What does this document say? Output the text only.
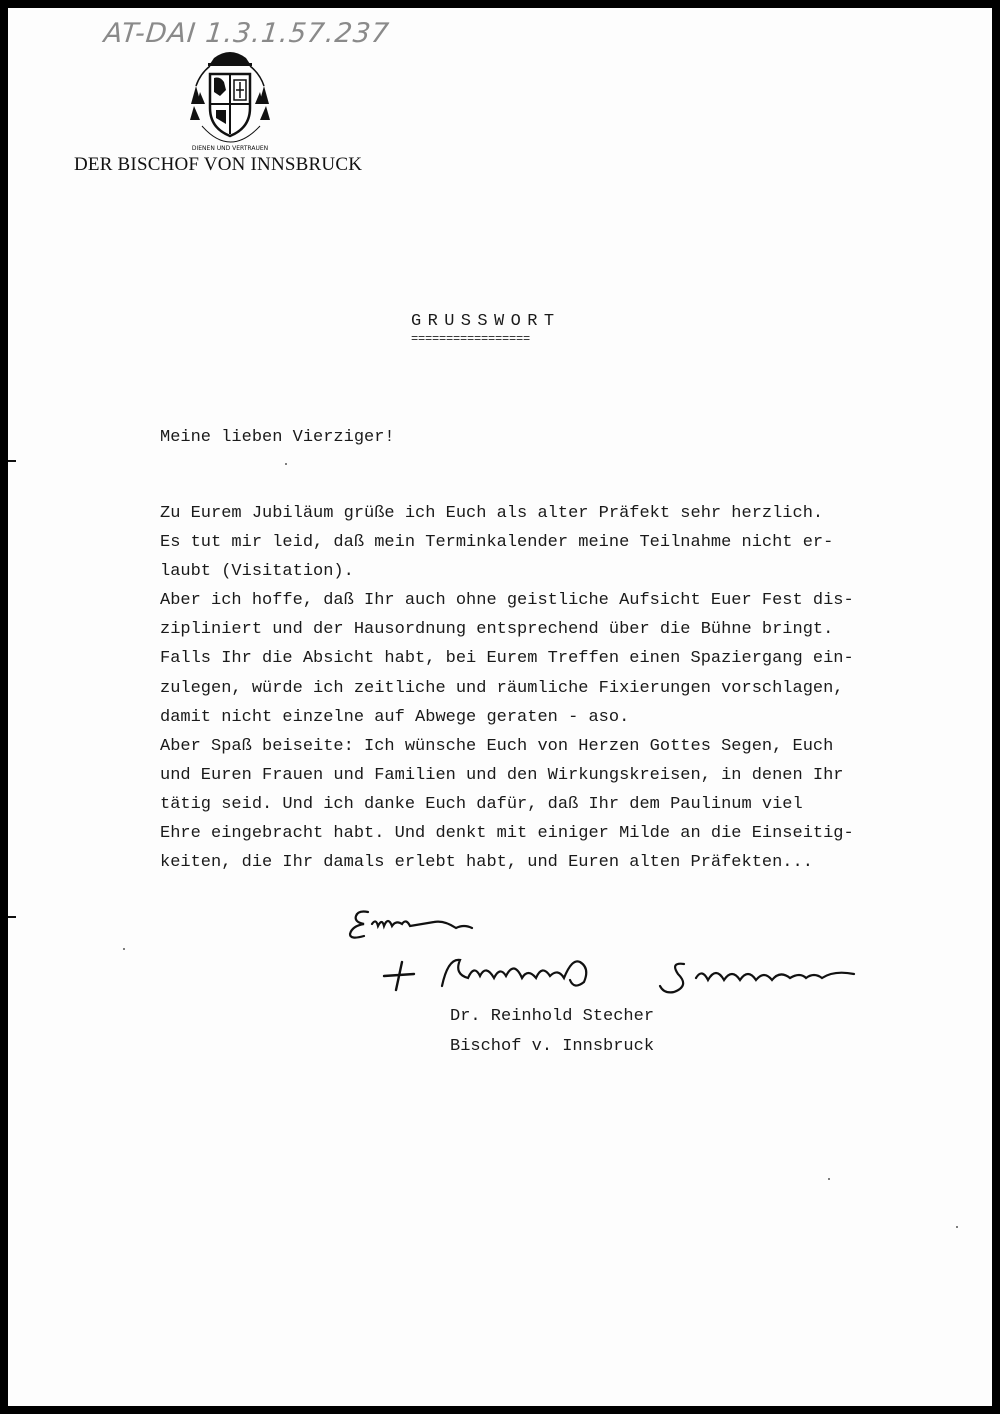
AT-DAI 1.3.1.57.237
DIENEN UND VERTRAUEN
DER BISCHOF VON INNSBRUCK
GRUSSWORT
=================
Meine lieben Vierziger!
Zu Eurem Jubiläum grüße ich Euch als alter Präfekt sehr herzlich.
Es tut mir leid, daß mein Terminkalender meine Teilnahme nicht er-
laubt (Visitation).
Aber ich hoffe, daß Ihr auch ohne geistliche Aufsicht Euer Fest dis-
zipliniert und der Hausordnung entsprechend über die Bühne bringt.
Falls Ihr die Absicht habt, bei Eurem Treffen einen Spaziergang ein-
zulegen, würde ich zeitliche und räumliche Fixierungen vorschlagen,
damit nicht einzelne auf Abwege geraten - aso.
Aber Spaß beiseite: Ich wünsche Euch von Herzen Gottes Segen, Euch
und Euren Frauen und Familien und den Wirkungskreisen, in denen Ihr
tätig seid. Und ich danke Euch dafür, daß Ihr dem Paulinum viel
Ehre eingebracht habt. Und denkt mit einiger Milde an die Einseitig-
keiten, die Ihr damals erlebt habt, und Euren alten Präfekten...
Dr. Reinhold Stecher
Bischof v. Innsbruck
